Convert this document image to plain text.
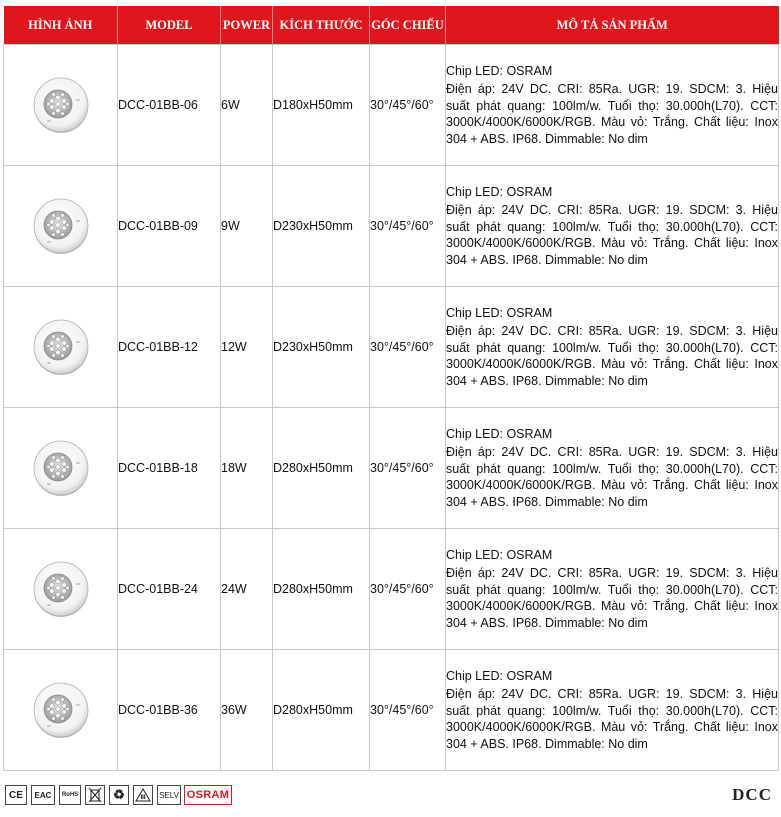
HÌNH ẢNH	MODEL	POWER	KÍCH THƯỚC	GÓC CHIẾU	MÔ TẢ SẢN PHẨM
	DCC-01BB-06	6W	D180xH50mm	30°/45°/60°	Chip LED: OSRAM
Điện áp: 24V DC. CRI: 85Ra. UGR: 19. SDCM: 3. Hiệu suất phát quang: 100lm/w. Tuổi thọ: 30.000h(L70). CCT: 3000K/4000K/6000K/RGB. Màu vỏ: Trắng. Chất liệu: Inox 304 + ABS. IP68. Dimmable: No dim
	DCC-01BB-09	9W	D230xH50mm	30°/45°/60°	Chip LED: OSRAM
Điện áp: 24V DC. CRI: 85Ra. UGR: 19. SDCM: 3. Hiệu suất phát quang: 100lm/w. Tuổi thọ: 30.000h(L70). CCT: 3000K/4000K/6000K/RGB. Màu vỏ: Trắng. Chất liệu: Inox 304 + ABS. IP68. Dimmable: No dim
	DCC-01BB-12	12W	D230xH50mm	30°/45°/60°	Chip LED: OSRAM
Điện áp: 24V DC. CRI: 85Ra. UGR: 19. SDCM: 3. Hiệu suất phát quang: 100lm/w. Tuổi thọ: 30.000h(L70). CCT: 3000K/4000K/6000K/RGB. Màu vỏ: Trắng. Chất liệu: Inox 304 + ABS. IP68. Dimmable: No dim
	DCC-01BB-18	18W	D280xH50mm	30°/45°/60°	Chip LED: OSRAM
Điện áp: 24V DC. CRI: 85Ra. UGR: 19. SDCM: 3. Hiệu suất phát quang: 100lm/w. Tuổi thọ: 30.000h(L70). CCT: 3000K/4000K/6000K/RGB. Màu vỏ: Trắng. Chất liệu: Inox 304 + ABS. IP68. Dimmable: No dim
	DCC-01BB-24	24W	D280xH50mm	30°/45°/60°	Chip LED: OSRAM
Điện áp: 24V DC. CRI: 85Ra. UGR: 19. SDCM: 3. Hiệu suất phát quang: 100lm/w. Tuổi thọ: 30.000h(L70). CCT: 3000K/4000K/6000K/RGB. Màu vỏ: Trắng. Chất liệu: Inox 304 + ABS. IP68. Dimmable: No dim
	DCC-01BB-36	36W	D280xH50mm	30°/45°/60°	Chip LED: OSRAM
Điện áp: 24V DC. CRI: 85Ra. UGR: 19. SDCM: 3. Hiệu suất phát quang: 100lm/w. Tuổi thọ: 30.000h(L70). CCT: 3000K/4000K/6000K/RGB. Màu vỏ: Trắng. Chất liệu: Inox 304 + ABS. IP68. Dimmable: No dim
CE EAC RoHS	♻	III SELV OSRAM	DCC
